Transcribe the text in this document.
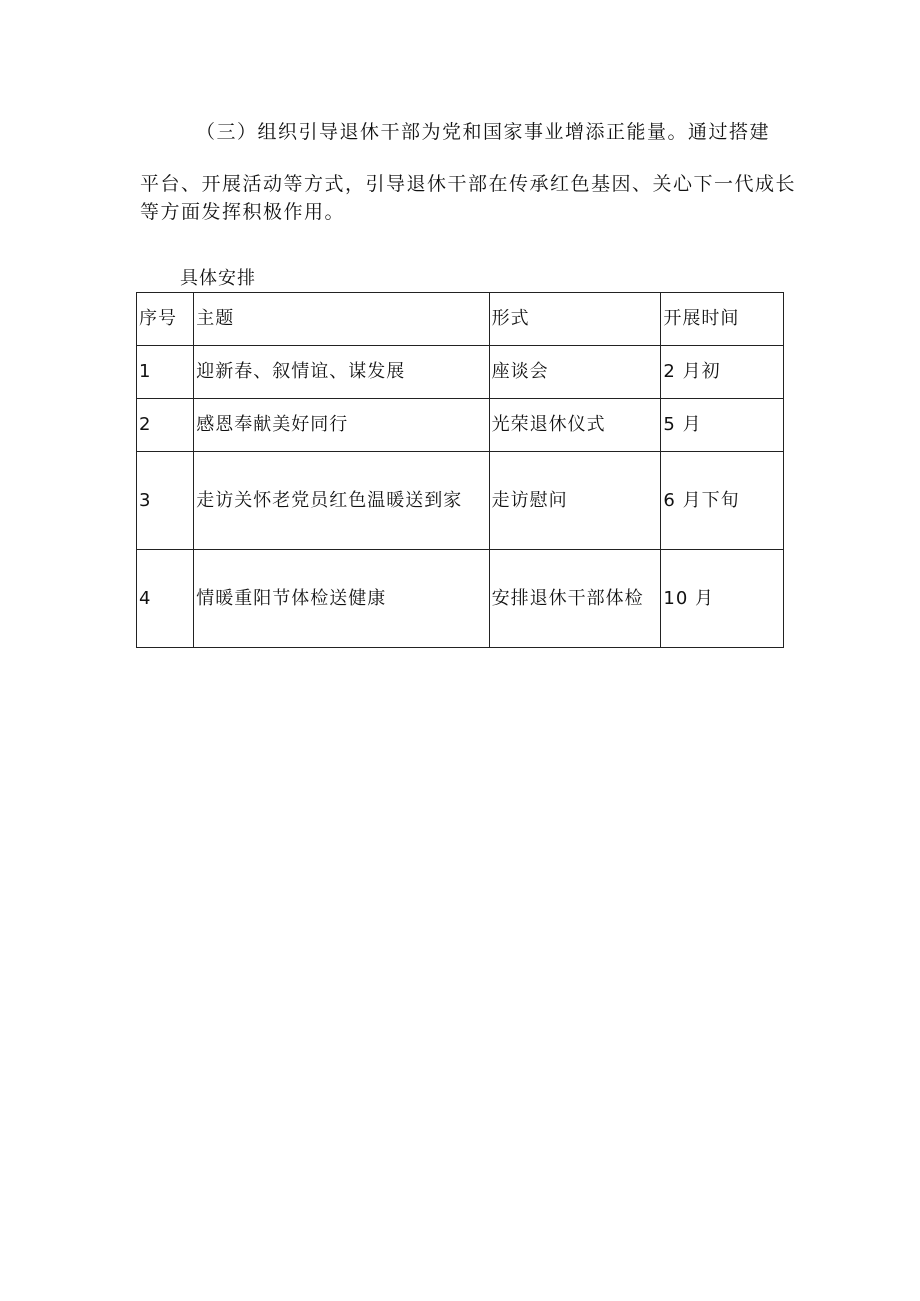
（三）组织引导退休干部为党和国家事业增添正能量。通过搭建
平台、开展活动等方式，引导退休干部在传承红色基因、关心下一代成长
等方面发挥积极作用。
具体安排
序号	主题	形式	开展时间
1	迎新春、叙情谊、谋发展	座谈会	2 月初
2	感恩奉献美好同行	光荣退休仪式	5 月
3	走访关怀老党员红色温暖送到家	走访慰问	6 月下旬
4	情暖重阳节体检送健康	安排退休干部体检	10 月
